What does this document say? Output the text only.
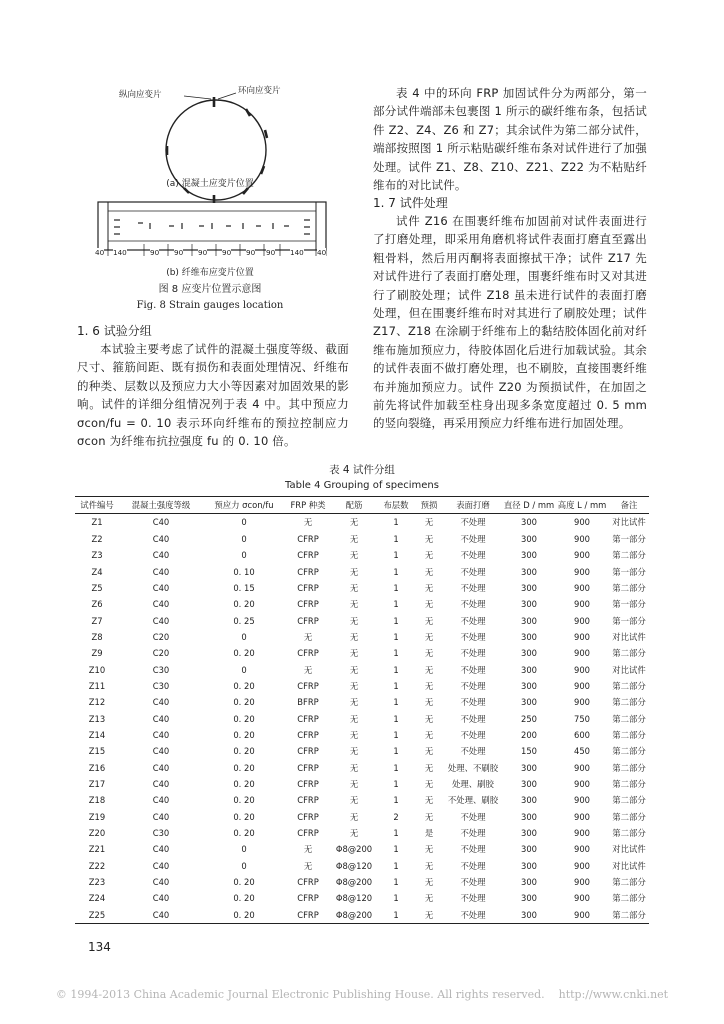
纵向应变片	环向应变片
(a) 混凝土应变片位置
40 140	90 90 90 90 90 90 140 40
(b) 纤维布应变片位置
图 8 应变片位置示意图
Fig. 8 Strain gauges location
1. 6 试验分组

本试验主要考虑了试件的混凝土强度等级、截面尺寸、箍筋间距、既有损伤和表面处理情况、纤维布的种类、层数以及预应力大小等因素对加固效果的影响。试件的详细分组情况列于表 4 中。其中预应力 σcon/fu = 0. 10 表示环向纤维布的预拉控制应力 σcon 为纤维布抗拉强度 fu 的 0. 10 倍。

表 4 中的环向 FRP 加固试件分为两部分，第一部分试件端部未包裹图 1 所示的碳纤维布条，包括试件 Z2、Z4、Z6 和 Z7；其余试件为第二部分试件，端部按照图 1 所示粘贴碳纤维布条对试件进行了加强处理。试件 Z1、Z8、Z10、Z21、Z22 为不粘贴纤维布的对比试件。

1. 7 试件处理

试件 Z16 在围裹纤维布加固前对试件表面进行了打磨处理，即采用角磨机将试件表面打磨直至露出粗骨料，然后用丙酮将表面擦拭干净；试件 Z17 先对试件进行了表面打磨处理，围裹纤维布时又对其进行了刷胶处理；试件 Z18 虽未进行试件的表面打磨处理，但在围裹纤维布时对其进行了刷胶处理；试件 Z17、Z18 在涂刷于纤维布上的黏结胶体固化前对纤维布施加预应力，待胶体固化后进行加载试验。其余的试件表面不做打磨处理，也不刷胶，直接围裹纤维布并施加预应力。试件 Z20 为预损试件，在加固之前先将试件加载至柱身出现多条宽度超过 0. 5 mm 的竖向裂缝，再采用预应力纤维布进行加固处理。

表 4 试件分组
Table 4 Grouping of specimens
试件编号	混凝土强度等级	预应力 σcon/fu	FRP 种类	配筋	布层数	预损	表面打磨	直径 D / mm	高度 L / mm	备注
Z1	C40	0	无	无	1	无	不处理	300	900	对比试件
Z2	C40	0	CFRP	无	1	无	不处理	300	900	第一部分
Z3	C40	0	CFRP	无	1	无	不处理	300	900	第二部分
Z4	C40	0. 10	CFRP	无	1	无	不处理	300	900	第一部分
Z5	C40	0. 15	CFRP	无	1	无	不处理	300	900	第二部分
Z6	C40	0. 20	CFRP	无	1	无	不处理	300	900	第一部分
Z7	C40	0. 25	CFRP	无	1	无	不处理	300	900	第一部分
Z8	C20	0	无	无	1	无	不处理	300	900	对比试件
Z9	C20	0. 20	CFRP	无	1	无	不处理	300	900	第二部分
Z10	C30	0	无	无	1	无	不处理	300	900	对比试件
Z11	C30	0. 20	CFRP	无	1	无	不处理	300	900	第二部分
Z12	C40	0. 20	BFRP	无	1	无	不处理	300	900	第二部分
Z13	C40	0. 20	CFRP	无	1	无	不处理	250	750	第二部分
Z14	C40	0. 20	CFRP	无	1	无	不处理	200	600	第二部分
Z15	C40	0. 20	CFRP	无	1	无	不处理	150	450	第二部分
Z16	C40	0. 20	CFRP	无	1	无	处理、不刷胶	300	900	第二部分
Z17	C40	0. 20	CFRP	无	1	无	处理、刷胶	300	900	第二部分
Z18	C40	0. 20	CFRP	无	1	无	不处理、刷胶	300	900	第二部分
Z19	C40	0. 20	CFRP	无	2	无	不处理	300	900	第二部分
Z20	C30	0. 20	CFRP	无	1	是	不处理	300	900	第二部分
Z21	C40	0	无	Φ8@200	1	无	不处理	300	900	对比试件
Z22	C40	0	无	Φ8@120	1	无	不处理	300	900	对比试件
Z23	C40	0. 20	CFRP	Φ8@200	1	无	不处理	300	900	第二部分
Z24	C40	0. 20	CFRP	Φ8@120	1	无	不处理	300	900	第二部分
Z25	C40	0. 20	CFRP	Φ8@200	1	无	不处理	300	900	第二部分
134
© 1994-2013 China Academic Journal Electronic Publishing House. All rights reserved.    http://www.cnki.net
